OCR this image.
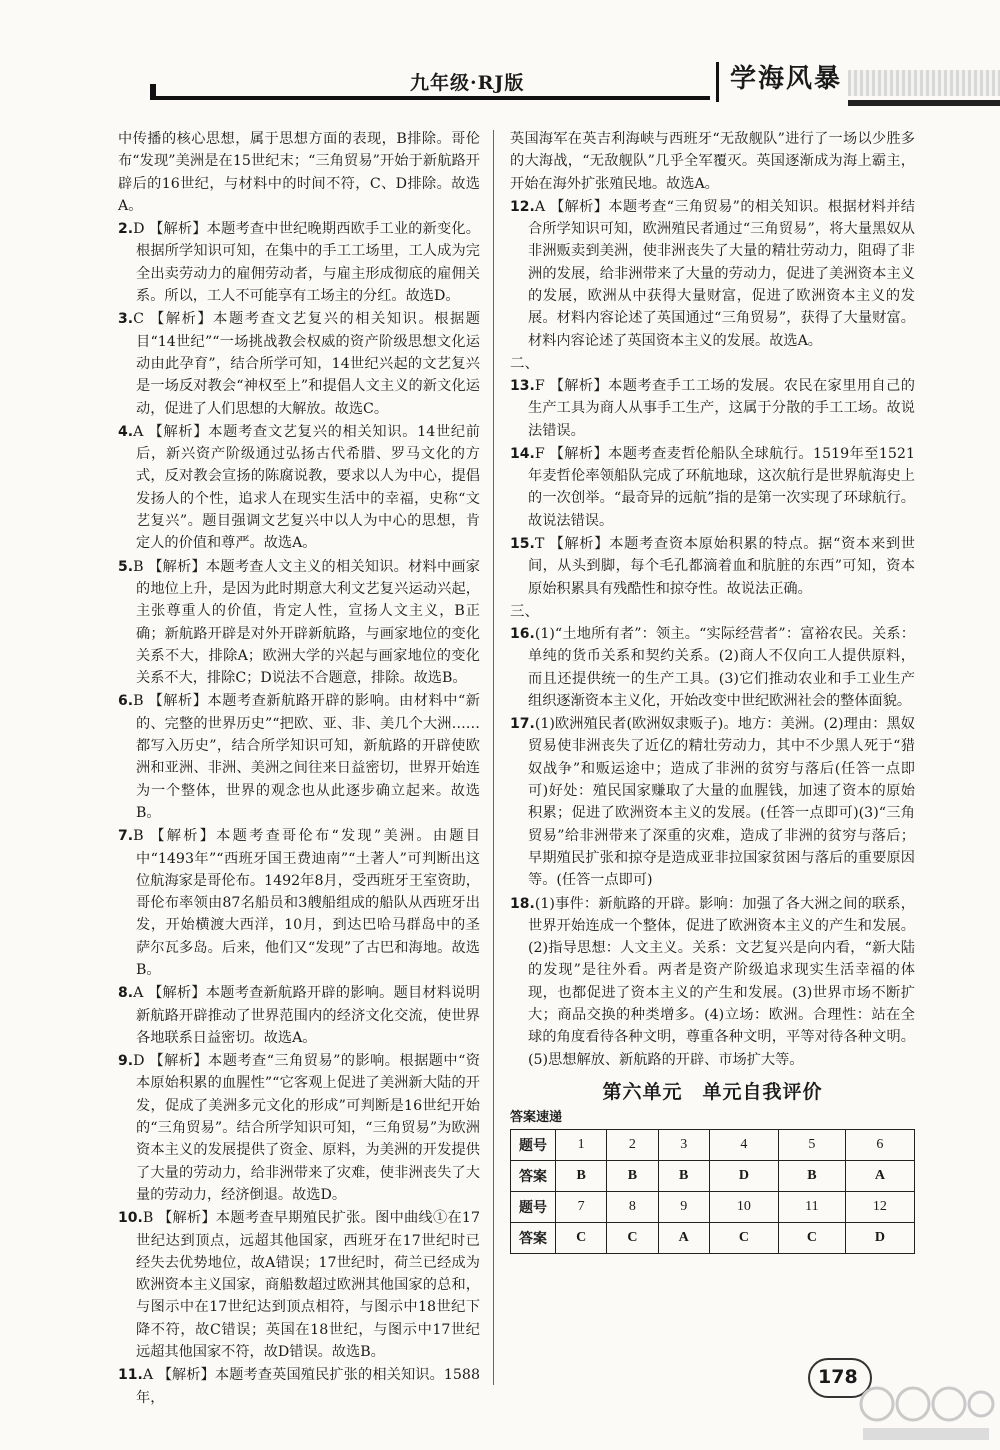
九年级·RJ版	学海风暴

中传播的核心思想，属于思想方面的表现，B排除。哥伦布“发现”美洲是在15世纪末；“三角贸易”开始于新航路开辟后的16世纪，与材料中的时间不符，C、D排除。故选A。

2.D 【解析】本题考查中世纪晚期西欧手工业的新变化。根据所学知识可知，在集中的手工工场里，工人成为完全出卖劳动力的雇佣劳动者，与雇主形成彻底的雇佣关系。所以，工人不可能享有工场主的分红。故选D。

3.C 【解析】本题考查文艺复兴的相关知识。根据题目“14世纪”“一场挑战教会权威的资产阶级思想文化运动由此孕育”，结合所学可知，14世纪兴起的文艺复兴是一场反对教会“神权至上”和提倡人文主义的新文化运动，促进了人们思想的大解放。故选C。

4.A 【解析】本题考查文艺复兴的相关知识。14世纪前后，新兴资产阶级通过弘扬古代希腊、罗马文化的方式，反对教会宣扬的陈腐说教，要求以人为中心，提倡发扬人的个性，追求人在现实生活中的幸福，史称“文艺复兴”。题目强调文艺复兴中以人为中心的思想，肯定人的价值和尊严。故选A。

5.B 【解析】本题考查人文主义的相关知识。材料中画家的地位上升，是因为此时期意大利文艺复兴运动兴起，主张尊重人的价值，肯定人性，宣扬人文主义，B正确；新航路开辟是对外开辟新航路，与画家地位的变化关系不大，排除A；欧洲大学的兴起与画家地位的变化关系不大，排除C；D说法不合题意，排除。故选B。

6.B 【解析】本题考查新航路开辟的影响。由材料中“新的、完整的世界历史”“把欧、亚、非、美几个大洲……都写入历史”，结合所学知识可知，新航路的开辟使欧洲和亚洲、非洲、美洲之间往来日益密切，世界开始连为一个整体，世界的观念也从此逐步确立起来。故选B。

7.B 【解析】本题考查哥伦布“发现”美洲。由题目中“1493年”“西班牙国王费迪南”“土著人”可判断出这位航海家是哥伦布。1492年8月，受西班牙王室资助，哥伦布率领由87名船员和3艘船组成的船队从西班牙出发，开始横渡大西洋，10月，到达巴哈马群岛中的圣萨尔瓦多岛。后来，他们又“发现”了古巴和海地。故选B。

8.A 【解析】本题考查新航路开辟的影响。题目材料说明新航路开辟推动了世界范围内的经济文化交流，使世界各地联系日益密切。故选A。

9.D 【解析】本题考查“三角贸易”的影响。根据题中“资本原始积累的血腥性”“它客观上促进了美洲新大陆的开发，促成了美洲多元文化的形成”可判断是16世纪开始的“三角贸易”。结合所学知识可知，“三角贸易”为欧洲资本主义的发展提供了资金、原料，为美洲的开发提供了大量的劳动力，给非洲带来了灾难，使非洲丧失了大量的劳动力，经济倒退。故选D。

10.B 【解析】本题考查早期殖民扩张。图中曲线①在17世纪达到顶点，远超其他国家，西班牙在17世纪时已经失去优势地位，故A错误；17世纪时，荷兰已经成为欧洲资本主义国家，商船数超过欧洲其他国家的总和，与图示中在17世纪达到顶点相符，与图示中18世纪下降不符，故C错误；英国在18世纪，与图示中17世纪远超其他国家不符，故D错误。故选B。

11.A 【解析】本题考查英国殖民扩张的相关知识。1588年，

英国海军在英吉利海峡与西班牙“无敌舰队”进行了一场以少胜多的大海战，“无敌舰队”几乎全军覆灭。英国逐渐成为海上霸主，开始在海外扩张殖民地。故选A。

12.A 【解析】本题考查“三角贸易”的相关知识。根据材料并结合所学知识可知，欧洲殖民者通过“三角贸易”，将大量黑奴从非洲贩卖到美洲，使非洲丧失了大量的精壮劳动力，阻碍了非洲的发展，给非洲带来了大量的劳动力，促进了美洲资本主义的发展，欧洲从中获得大量财富，促进了欧洲资本主义的发展。材料内容论述了英国通过“三角贸易”，获得了大量财富。材料内容论述了英国资本主义的发展。故选A。

二、

13.F 【解析】本题考查手工工场的发展。农民在家里用自己的生产工具为商人从事手工生产，这属于分散的手工工场。故说法错误。

14.F 【解析】本题考查麦哲伦船队全球航行。1519年至1521年麦哲伦率领船队完成了环航地球，这次航行是世界航海史上的一次创举。“最奇异的远航”指的是第一次实现了环球航行。故说法错误。

15.T 【解析】本题考查资本原始积累的特点。据“资本来到世间，从头到脚，每个毛孔都滴着血和肮脏的东西”可知，资本原始积累具有残酷性和掠夺性。故说法正确。

三、

16.(1)“土地所有者”：领主。“实际经营者”：富裕农民。关系：单纯的货币关系和契约关系。(2)商人不仅向工人提供原料，而且还提供统一的生产工具。(3)它们推动农业和手工业生产组织逐渐资本主义化，开始改变中世纪欧洲社会的整体面貌。

17.(1)欧洲殖民者(欧洲奴隶贩子)。地方：美洲。(2)理由：黑奴贸易使非洲丧失了近亿的精壮劳动力，其中不少黑人死于“猎奴战争”和贩运途中；造成了非洲的贫穷与落后(任答一点即可)好处：殖民国家赚取了大量的血腥钱，加速了资本的原始积累；促进了欧洲资本主义的发展。(任答一点即可)(3)“三角贸易”给非洲带来了深重的灾难，造成了非洲的贫穷与落后；早期殖民扩张和掠夺是造成亚非拉国家贫困与落后的重要原因等。(任答一点即可)

18.(1)事件：新航路的开辟。影响：加强了各大洲之间的联系，世界开始连成一个整体，促进了欧洲资本主义的产生和发展。(2)指导思想：人文主义。关系：文艺复兴是向内看，“新大陆的发现”是往外看。两者是资产阶级追求现实生活幸福的体现，也都促进了资本主义的产生和发展。(3)世界市场不断扩大；商品交换的种类增多。(4)立场：欧洲。合理性：站在全球的角度看待各种文明，尊重各种文明，平等对待各种文明。(5)思想解放、新航路的开辟、市场扩大等。

第六单元　单元自我评价
答案速递
题号	1	2	3	4	5	6
答案	B	B	B	D	B	A
题号	7	8	9	10	11	12
答案	C	C	A	C	C	D
178
